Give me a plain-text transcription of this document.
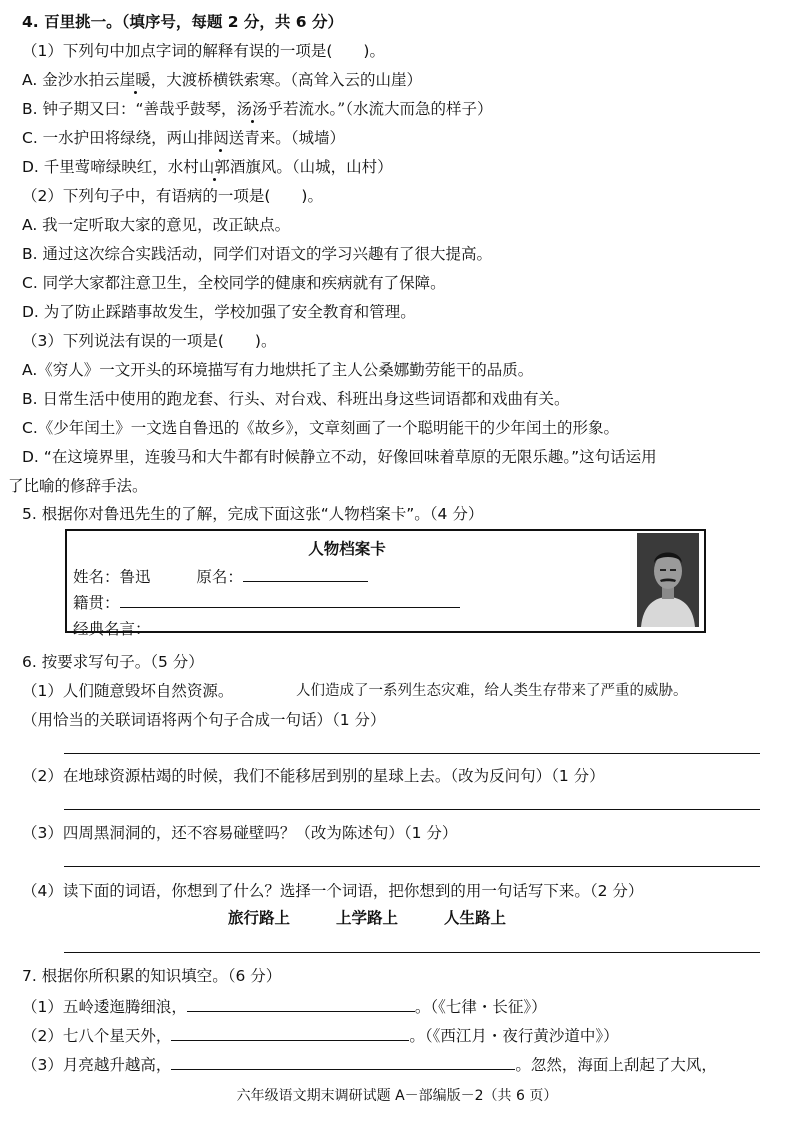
4. 百里挑一。（填序号，每题 2 分，共 6 分）
（1）下列句中加点字词的解释有误的一项是(　　)。
A. 金沙水拍云崖暖，大渡桥横铁索寒。（高耸入云的山崖）
B. 钟子期又曰：“善哉乎鼓琴，汤汤乎若流水。”（水流大而急的样子）
C. 一水护田将绿绕，两山排闼送青来。（城墙）
D. 千里莺啼绿映红，水村山郭酒旗风。（山城，山村）
（2）下列句子中，有语病的一项是(　　)。
A. 我一定听取大家的意见，改正缺点。
B. 通过这次综合实践活动，同学们对语文的学习兴趣有了很大提高。
C. 同学大家都注意卫生，全校同学的健康和疾病就有了保障。
D. 为了防止踩踏事故发生，学校加强了安全教育和管理。
（3）下列说法有误的一项是(　　)。
A.《穷人》一文开头的环境描写有力地烘托了主人公桑娜勤劳能干的品质。
B. 日常生活中使用的跑龙套、行头、对台戏、科班出身这些词语都和戏曲有关。
C.《少年闰土》一文选自鲁迅的《故乡》，文章刻画了一个聪明能干的少年闰土的形象。
D. “在这境界里，连骏马和大牛都有时候静立不动，好像回味着草原的无限乐趣。”这句话运用
了比喻的修辞手法。
5. 根据你对鲁迅先生的了解，完成下面这张“人物档案卡”。（4 分）
人物档案卡
姓名：鲁迅	原名：
籍贯：
经典名言：
6. 按要求写句子。（5 分）
（1）人们随意毁坏自然资源。	人们造成了一系列生态灾难，给人类生存带来了严重的威胁。
（用恰当的关联词语将两个句子合成一句话）（1 分）
（2）在地球资源枯竭的时候，我们不能移居到别的星球上去。（改为反问句）（1 分）
（3）四周黑洞洞的，还不容易碰壁吗？（改为陈述句）（1 分）
（4）读下面的词语，你想到了什么？选择一个词语，把你想到的用一句话写下来。（2 分）
旅行路上	上学路上	人生路上
7. 根据你所积累的知识填空。（6 分）
（1）五岭逶迤腾细浪，	。（《七律・长征》）
（2）七八个星天外，	。（《西江月・夜行黄沙道中》）
（3）月亮越升越高，	。忽然，海面上刮起了大风，
六年级语文期末调研试题 A－部编版－2（共 6 页）
